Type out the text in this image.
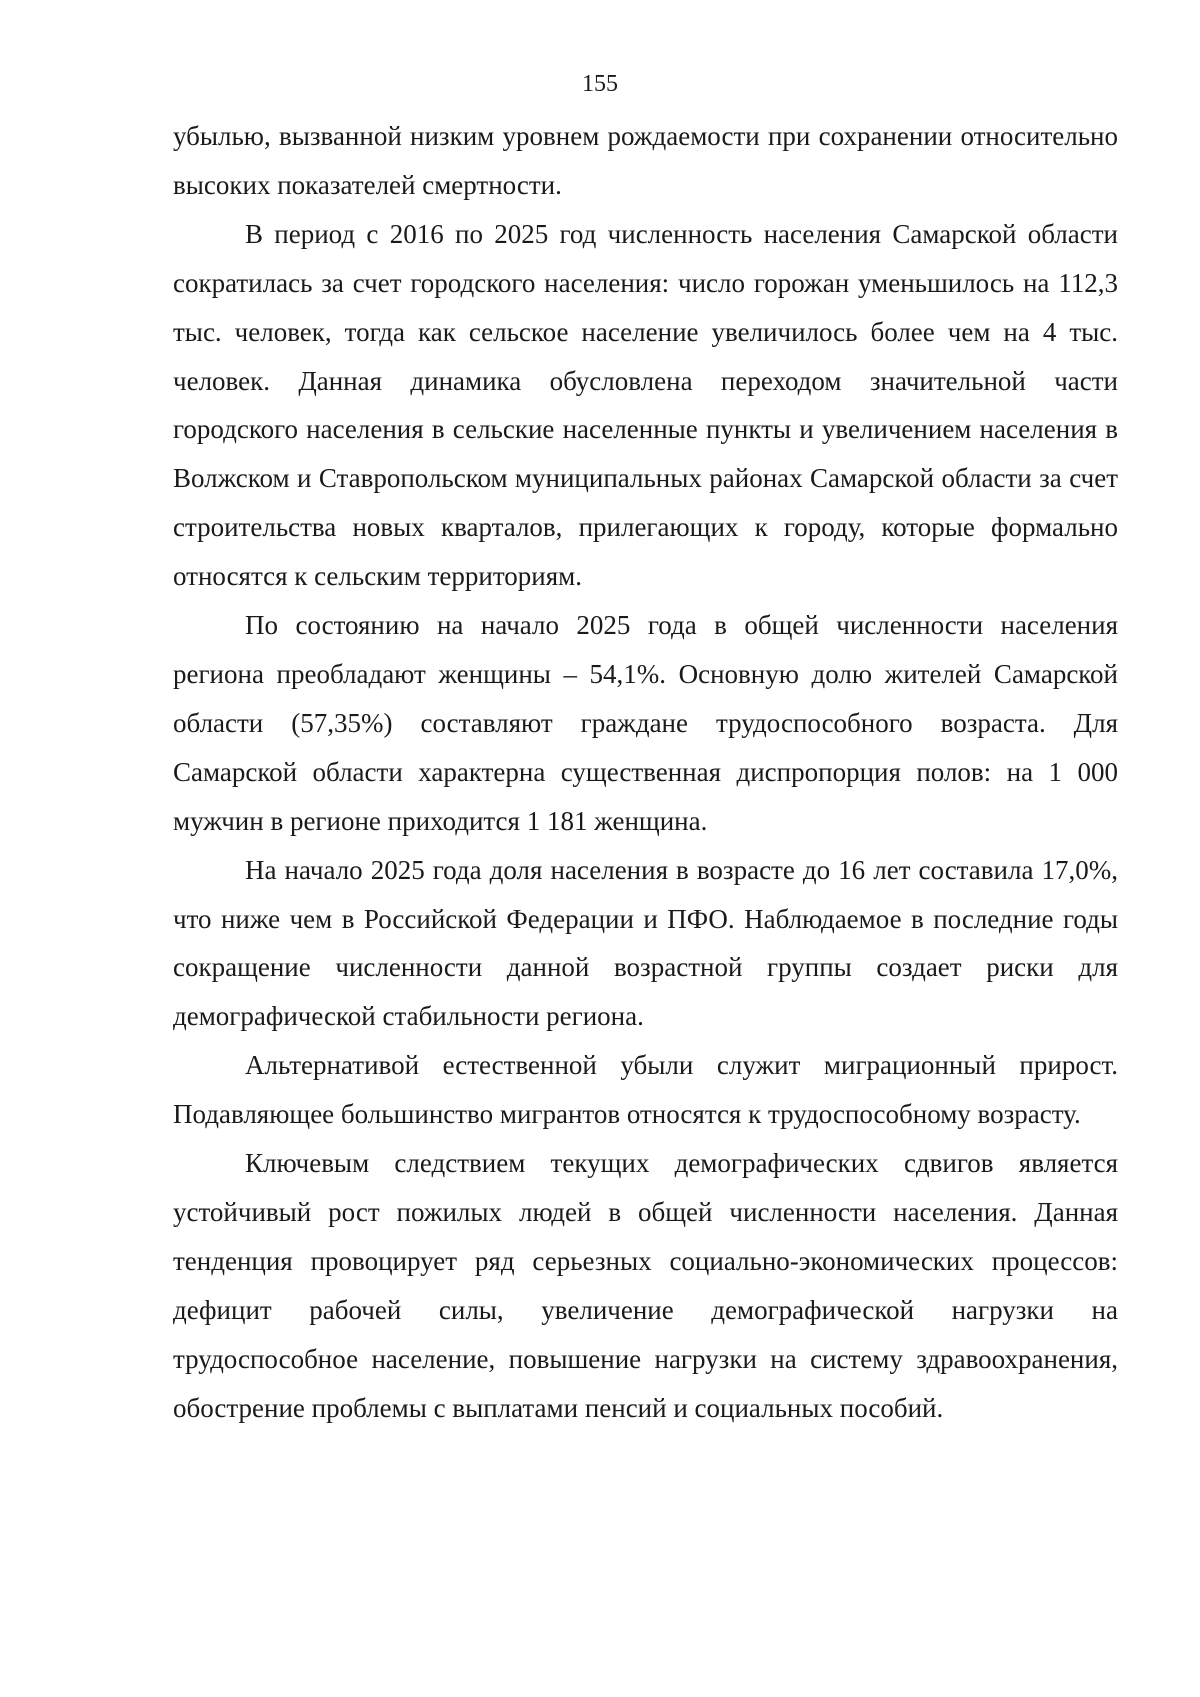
155

убылью, вызванной низким уровнем рождаемости при сохранении относительно высоких показателей смертности.

В период с 2016 по 2025 год численность населения Самарской области сократилась за счет городского населения: число горожан уменьшилось на 112,3 тыс. человек, тогда как сельское население увеличилось более чем на 4 тыс. человек. Данная динамика обусловлена переходом значительной части городского населения в сельские населенные пункты и увеличением населения в Волжском и Ставропольском муниципальных районах Самарской области за счет строительства новых кварталов, прилегающих к городу, которые формально относятся к сельским территориям.

По состоянию на начало 2025 года в общей численности населения региона преобладают женщины – 54,1%. Основную долю жителей Самарской области (57,35%) составляют граждане трудоспособного возраста. Для Самарской области характерна существенная диспропорция полов: на 1 000 мужчин в регионе приходится 1 181 женщина.

На начало 2025 года доля населения в возрасте до 16 лет составила 17,0%, что ниже чем в Российской Федерации и ПФО. Наблюдаемое в последние годы сокращение численности данной возрастной группы создает риски для демографической стабильности региона.

Альтернативой естественной убыли служит миграционный прирост. Подавляющее большинство мигрантов относятся к трудоспособному возрасту.

Ключевым следствием текущих демографических сдвигов является устойчивый рост пожилых людей в общей численности населения. Данная тенденция провоцирует ряд серьезных социально-экономических процессов: дефицит рабочей силы, увеличение демографической нагрузки на трудоспособное население, повышение нагрузки на систему здравоохранения, обострение проблемы с выплатами пенсий и социальных пособий.
